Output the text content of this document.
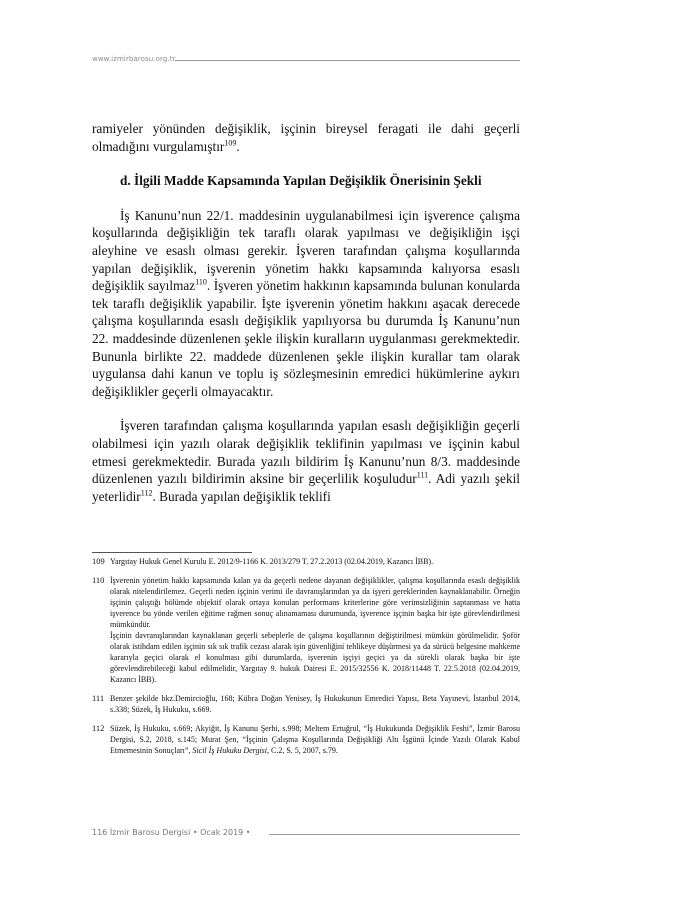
www.izmirbarosu.org.tr

ramiyeler yönünden değişiklik, işçinin bireysel feragati ile dahi geçerli olmadığını vurgulamıştır$^{109}$.

d. İlgili Madde Kapsamında Yapılan Değişiklik Önerisinin Şekli

İş Kanunu’nun 22/1. maddesinin uygulanabilmesi için işverence çalışma koşullarında değişikliğin tek taraflı olarak yapılması ve değişikliğin işçi aleyhine ve esaslı olması gerekir. İşveren tarafından çalışma koşullarında yapılan değişiklik, işverenin yönetim hakkı kapsamında kalıyorsa esaslı değişiklik sayılmaz$^{110}$. İşveren yönetim hakkının kapsamında bulunan konularda tek taraflı değişiklik yapabilir. İşte işverenin yönetim hakkını aşacak derecede çalışma koşullarında esaslı değişiklik yapılıyorsa bu durumda İş Kanunu’nun 22. maddesinde düzenlenen şekle ilişkin kuralların uygulanması gerekmektedir. Bununla birlikte 22. maddede düzenlenen şekle ilişkin kurallar tam olarak uygulansa dahi kanun ve toplu iş sözleşmesinin emredici hükümlerine aykırı değişiklikler geçerli olmayacaktır.

İşveren tarafından çalışma koşullarında yapılan esaslı değişikliğin geçerli olabilmesi için yazılı olarak değişiklik teklifinin yapılması ve işçinin kabul etmesi gerekmektedir. Burada yazılı bildirim İş Kanunu’nun 8/3. maddesinde düzenlenen yazılı bildirimin aksine bir geçerlilik koşuludur$^{111}$. Adi yazılı şekil yeterlidir$^{112}$. Burada yapılan değişiklik teklifi

109 Yargıtay Hukuk Genel Kurulu E. 2012/9-1166 K. 2013/279 T. 27.2.2013 (02.04.2019, Kazancı İBB).

110 İşverenin yönetim hakkı kapsamında kalan ya da geçerli nedene dayanan değişiklikler, çalışma koşullarında esaslı değişiklik olarak nitelendirilemez. Geçerli neden işçinin verimi ile davranışlarından ya da işyeri gereklerinden kaynaklanabilir. Örneğin işçinin çalıştığı bölümde objektif olarak ortaya konulan performans kriterlerine göre verimsizliğinin saptanması ve hatta işverence bu yönde verilen eğitime rağmen sonuç alınamaması durumunda, işverence işçinin başka bir işte görevlendirilmesi mümkündür.

İşçinin davranışlarından kaynaklanan geçerli sebeplerle de çalışma koşullarının değiştirilmesi mümkün görülmelidir. Şoför olarak istihdam edilen işçinin sık sık trafik cezası alarak işin güvenliğini tehlikeye düşürmesi ya da sürücü belgesine mahkeme kararıyla geçici olarak el konulması gibi durumlarda, işverenin işçiyi geçici ya da sürekli olarak başka bir işte görevlendirebileceği kabul edilmelidir, Yargıtay 9. hukuk Dairesi E. 2015/32556 K. 2018/11448 T. 22.5.2018 (02.04.2019, Kazancı İBB).

111 Benzer şekilde bkz.Demircioğlu, 168; Kübra Doğan Yenisey, İş Hukukunun Emredici Yapısı, Beta Yayınevi, İstanbul 2014, s.338; Süzek, İş Hukuku, s.669.

112 Süzek, İş Hukuku, s.669; Akyiğit, İş Kanunu Şerhi, s.998; Meltem Ertuğrul, “İş Hukukunda Değişiklik Feshi”, İzmir Barosu Dergisi, S.2, 2018, s.145; Murat Şen, “İşçinin Çalışma Koşullarında Değişikliği Altı İşgünü İçinde Yazılı Olarak Kabul Etmemesinin Sonuçları”, Sicil İş Hukuku Dergisi, C.2, S. 5, 2007, s.79.

116 İzmir Barosu Dergisi • Ocak 2019 •
